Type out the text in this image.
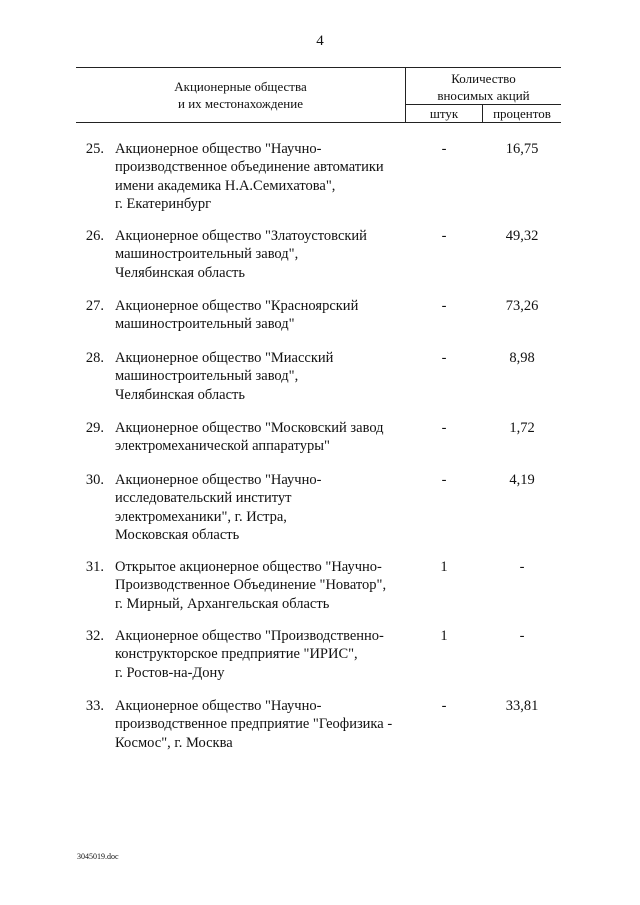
4
Акционерные общества
и их местонахождение
Количество
вносимых акций
штук	процентов
25. Акционерное общество "Научно-
производственное объединение автоматики
имени академика Н.А.Семихатова",
г. Екатеринбург
-	16,75
26. Акционерное общество "Златоустовский
машиностроительный завод",
Челябинская область
-	49,32
27. Акционерное общество "Красноярский
машиностроительный завод"
-	73,26
28. Акционерное общество "Миасский
машиностроительный завод",
Челябинская область
-	8,98
29. Акционерное общество "Московский завод
электромеханической аппаратуры"
-	1,72
30. Акционерное общество "Научно-
исследовательский институт
электромеханики", г. Истра,
Московская область
-	4,19
31. Открытое акционерное общество "Научно-
Производственное Объединение "Новатор",
г. Мирный, Архангельская область
1	-
32. Акционерное общество "Производственно-
конструкторское предприятие "ИРИС",
г. Ростов-на-Дону
1	-
33. Акционерное общество "Научно-
производственное предприятие "Геофизика -
Космос", г. Москва
-	33,81
3045019.doc
